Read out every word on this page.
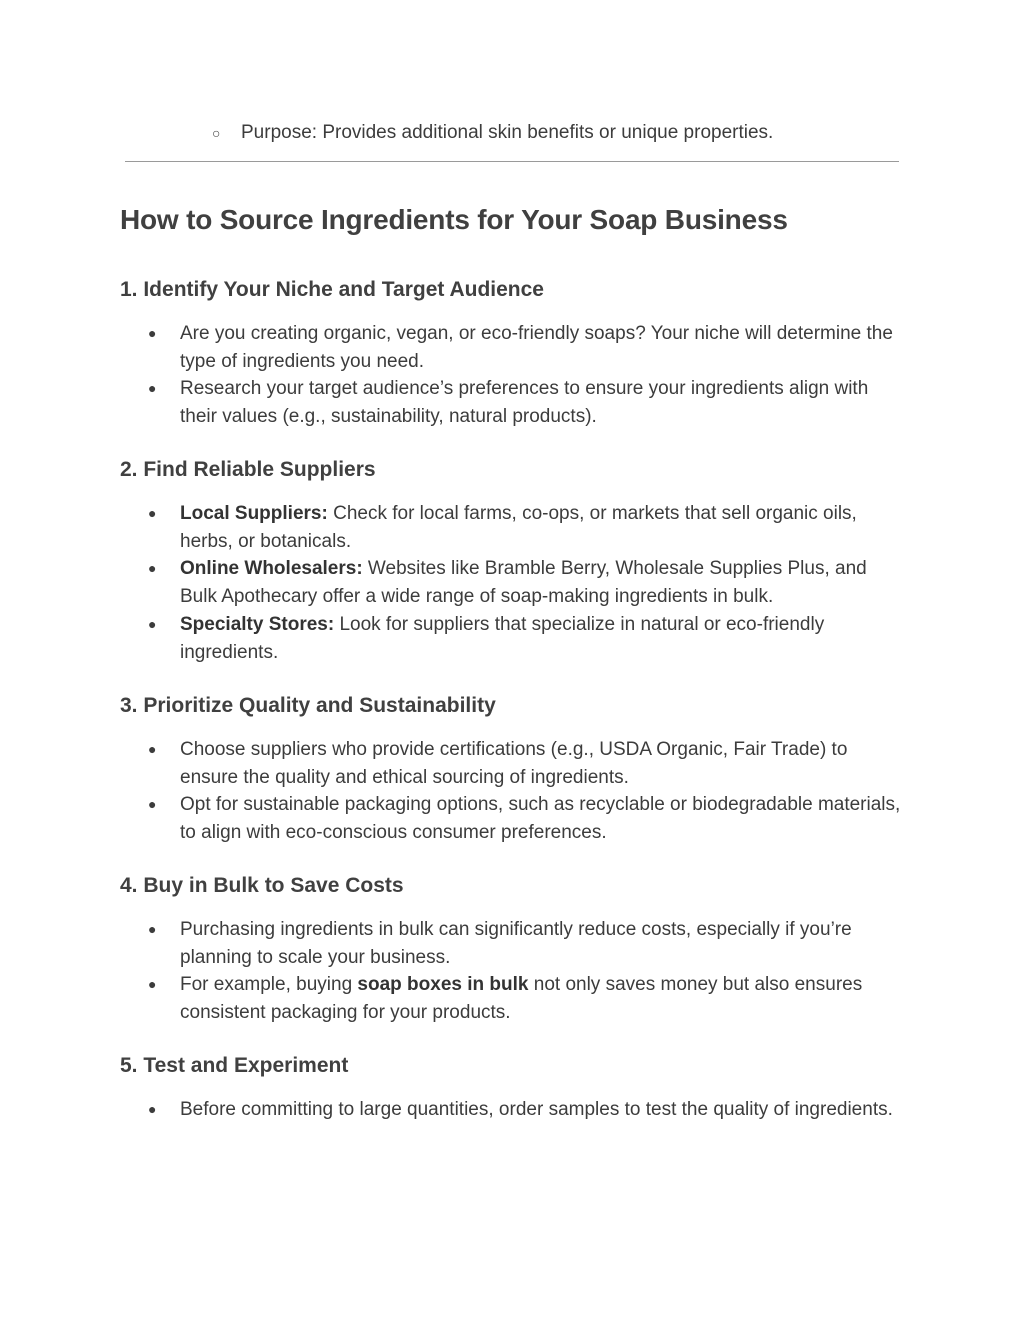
○	Purpose: Provides additional skin benefits or unique properties.
How to Source Ingredients for Your Soap Business
1. Identify Your Niche and Target Audience
● Are you creating organic, vegan, or eco-friendly soaps? Your niche will determine the type of ingredients you need.
● Research your target audience’s preferences to ensure your ingredients align with their values (e.g., sustainability, natural products).
2. Find Reliable Suppliers
● Local Suppliers: Check for local farms, co-ops, or markets that sell organic oils, herbs, or botanicals.
● Online Wholesalers: Websites like Bramble Berry, Wholesale Supplies Plus, and Bulk Apothecary offer a wide range of soap-making ingredients in bulk.
● Specialty Stores: Look for suppliers that specialize in natural or eco-friendly ingredients.
3. Prioritize Quality and Sustainability
● Choose suppliers who provide certifications (e.g., USDA Organic, Fair Trade) to ensure the quality and ethical sourcing of ingredients.
● Opt for sustainable packaging options, such as recyclable or biodegradable materials, to align with eco-conscious consumer preferences.
4. Buy in Bulk to Save Costs
● Purchasing ingredients in bulk can significantly reduce costs, especially if you’re planning to scale your business.
● For example, buying soap boxes in bulk not only saves money but also ensures consistent packaging for your products.
5. Test and Experiment
● Before committing to large quantities, order samples to test the quality of ingredients.
